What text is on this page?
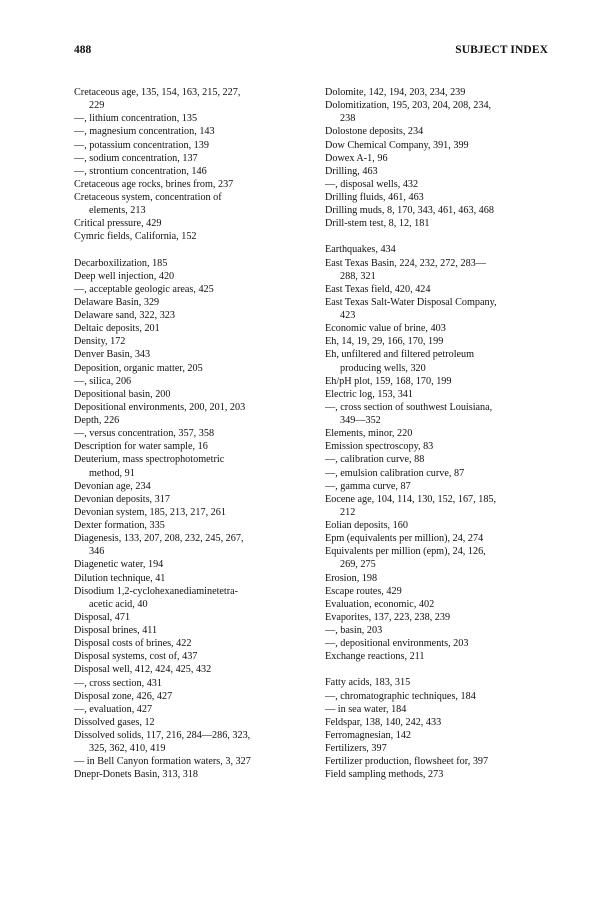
488	SUBJECT INDEX
Cretaceous age, 135, 154, 163, 215, 227,
229
—, lithium concentration, 135
—, magnesium concentration, 143
—, potassium concentration, 139
—, sodium concentration, 137
—, strontium concentration, 146
Cretaceous age rocks, brines from, 237
Cretaceous system, concentration of
elements, 213
Critical pressure, 429
Cymric fields, California, 152
Decarboxilization, 185
Deep well injection, 420
—, acceptable geologic areas, 425
Delaware Basin, 329
Delaware sand, 322, 323
Deltaic deposits, 201
Density, 172
Denver Basin, 343
Deposition, organic matter, 205
—, silica, 206
Depositional basin, 200
Depositional environments, 200, 201, 203
Depth, 226
—, versus concentration, 357, 358
Description for water sample, 16
Deuterium, mass spectrophotometric
method, 91
Devonian age, 234
Devonian deposits, 317
Devonian system, 185, 213, 217, 261
Dexter formation, 335
Diagenesis, 133, 207, 208, 232, 245, 267,
346
Diagenetic water, 194
Dilution technique, 41
Disodium 1,2-cyclohexanediaminetetra-
acetic acid, 40
Disposal, 471
Disposal brines, 411
Disposal costs of brines, 422
Disposal systems, cost of, 437
Disposal well, 412, 424, 425, 432
—, cross section, 431
Disposal zone, 426, 427
—, evaluation, 427
Dissolved gases, 12
Dissolved solids, 117, 216, 284—286, 323,
325, 362, 410, 419
— in Bell Canyon formation waters, 3, 327
Dnepr-Donets Basin, 313, 318
Dolomite, 142, 194, 203, 234, 239
Dolomitization, 195, 203, 204, 208, 234,
238
Dolostone deposits, 234
Dow Chemical Company, 391, 399
Dowex A-1, 96
Drilling, 463
—, disposal wells, 432
Drilling fluids, 461, 463
Drilling muds, 8, 170, 343, 461, 463, 468
Drill-stem test, 8, 12, 181
Earthquakes, 434
East Texas Basin, 224, 232, 272, 283—
288, 321
East Texas field, 420, 424
East Texas Salt-Water Disposal Company,
423
Economic value of brine, 403
Eh, 14, 19, 29, 166, 170, 199
Eh, unfiltered and filtered petroleum
producing wells, 320
Eh/pH plot, 159, 168, 170, 199
Electric log, 153, 341
—, cross section of southwest Louisiana,
349—352
Elements, minor, 220
Emission spectroscopy, 83
—, calibration curve, 88
—, emulsion calibration curve, 87
—, gamma curve, 87
Eocene age, 104, 114, 130, 152, 167, 185,
212
Eolian deposits, 160
Epm (equivalents per million), 24, 274
Equivalents per million (epm), 24, 126,
269, 275
Erosion, 198
Escape routes, 429
Evaluation, economic, 402
Evaporites, 137, 223, 238, 239
—, basin, 203
—, depositional environments, 203
Exchange reactions, 211
Fatty acids, 183, 315
—, chromatographic techniques, 184
— in sea water, 184
Feldspar, 138, 140, 242, 433
Ferromagnesian, 142
Fertilizers, 397
Fertilizer production, flowsheet for, 397
Field sampling methods, 273
